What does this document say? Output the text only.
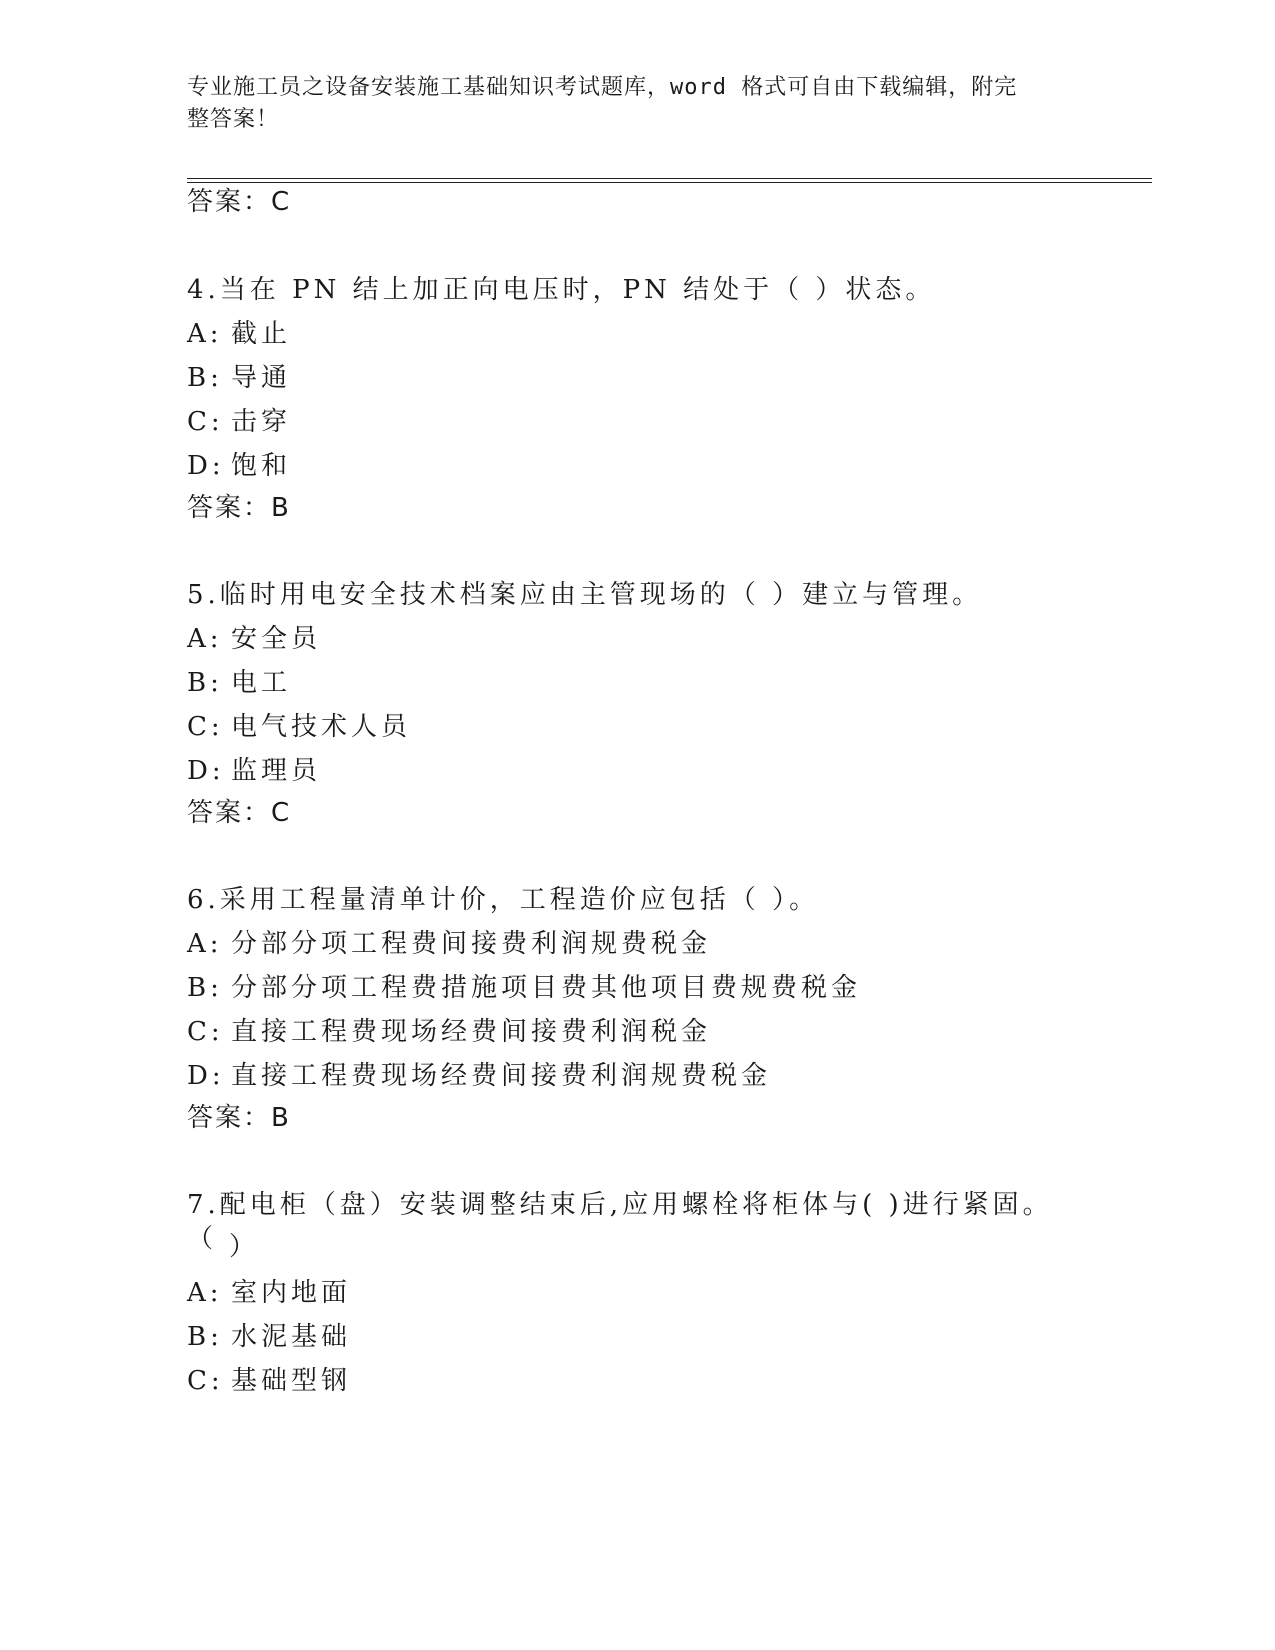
专业施工员之设备安装施工基础知识考试题库，word 格式可自由下载编辑，附完
整答案！
答案：C
4.当在 PN 结上加正向电压时，PN 结处于（ ）状态。
A: 截止
B: 导通
C: 击穿
D: 饱和
答案：B
5.临时用电安全技术档案应由主管现场的（ ）建立与管理。
A: 安全员
B: 电工
C: 电气技术人员
D: 监理员
答案：C
6.采用工程量清单计价，工程造价应包括（ ）。
A: 分部分项工程费间接费利润规费税金
B: 分部分项工程费措施项目费其他项目费规费税金
C: 直接工程费现场经费间接费利润税金
D: 直接工程费现场经费间接费利润规费税金
答案：B
7.配电柜（盘）安装调整结束后,应用螺栓将柜体与( )进行紧固。（ ）
A: 室内地面
B: 水泥基础
C: 基础型钢
